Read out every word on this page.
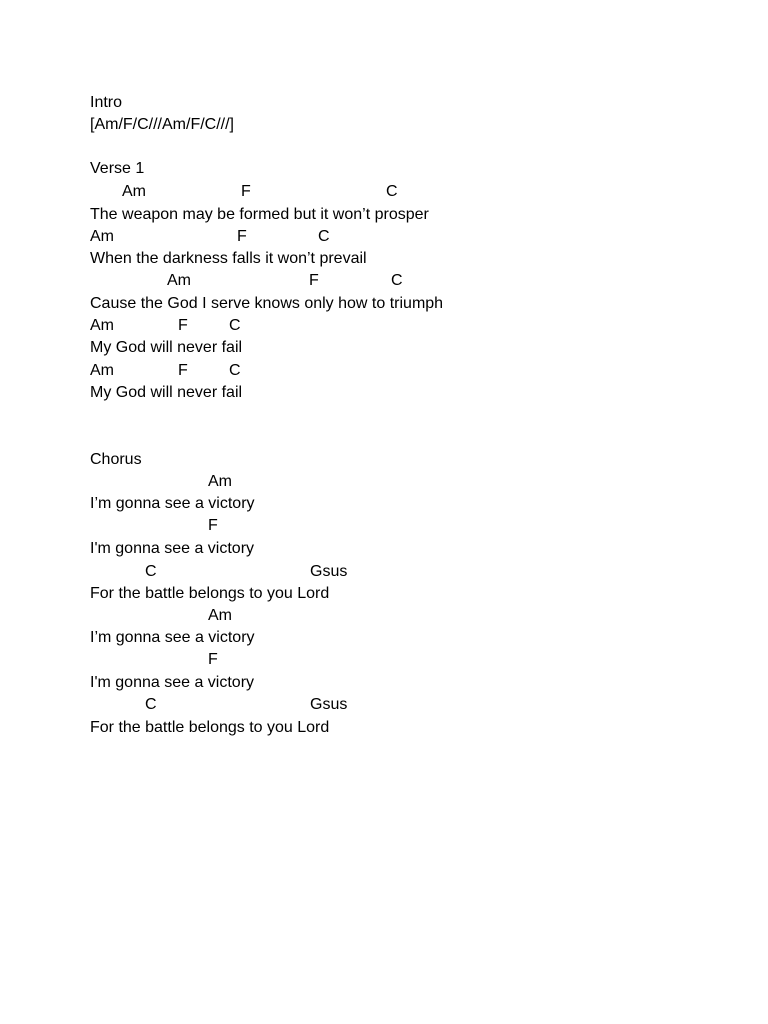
Intro
[Am/F/C///Am/F/C///]
Verse 1
Am	F	C
The weapon may be formed but it won’t prosper
Am	F	C
When the darkness falls it won’t prevail
Am	F	C
Cause the God I serve knows only how to triumph
Am	F	C
My God will never fail
Am	F	C
My God will never fail
Chorus
Am
I’m gonna see a victory
F
I'm gonna see a victory
C	Gsus
For the battle belongs to you Lord
Am
I’m gonna see a victory
F
I'm gonna see a victory
C	Gsus
For the battle belongs to you Lord
